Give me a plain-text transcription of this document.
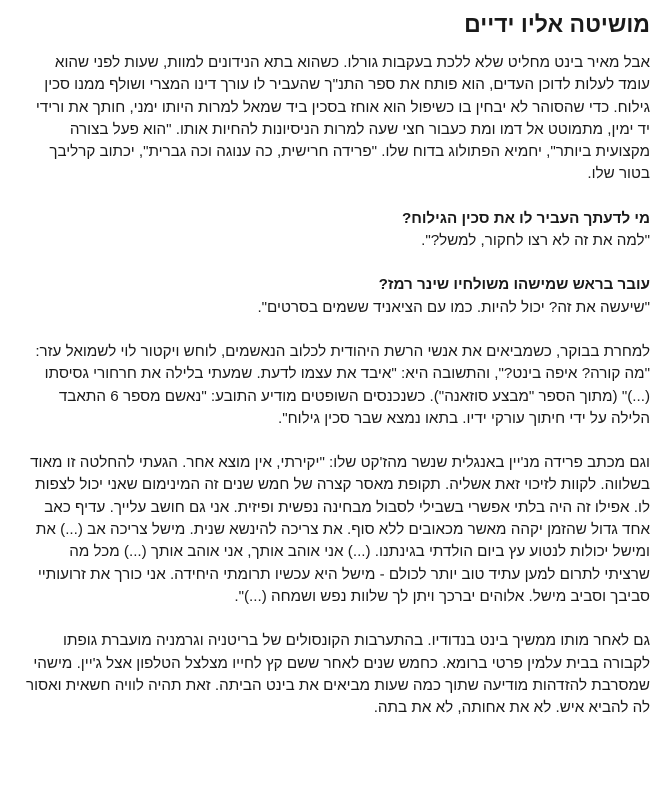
מושיטה אליו ידיים

אבל מאיר בינט מחליט שלא ללכת בעקבות גורלו. כשהוא בתא הנידונים למוות, שעות לפני שהוא עומד לעלות לדוכן העדים, הוא פותח את ספר התנ"ך שהעביר לו עורך דינו המצרי ושולף ממנו סכין גילוח. כדי שהסוהר לא יבחין בו כשיפול הוא אוחז בסכין ביד שמאל למרות היותו ימני, חותך את ורידי יד ימין, מתמוטט אל דמו ומת כעבור חצי שעה למרות הניסיונות להחיות אותו. "הוא פעל בצורה מקצועית ביותר", יחמיא הפתולוג בדוח שלו. "פרידה חרישית, כה ענוגה וכה גברית", יכתוב קרליבך בטור שלו.

מי לדעתך העביר לו את סכין הגילוח?

"למה את זה לא רצו לחקור, למשל?".

עובר בראש שמישהו משולחיו שינר רמז?

"שיעשה את זה? יכול להיות. כמו עם הציאניד ששמים בסרטים".

למחרת בבוקר, כשמביאים את אנשי הרשת היהודית לכלוב הנאשמים, לוחש ויקטור לוי לשמואל עזר: "מה קורה? איפה בינט?", והתשובה היא: "איבד את עצמו לדעת. שמעתי בלילה את חרחורי גסיסתו (...)" (מתוך הספר "מבצע סוזאנה"). כשנכנסים השופטים מודיע התובע: "נאשם מספר 6 התאבד הלילה על ידי חיתוך עורקי ידיו. בתאו נמצא שבר סכין גילוח".

וגם מכתב פרידה מנ'יין באנגלית שנשר מהז'קט שלו: "יקירתי, אין מוצא אחר. הגעתי להחלטה זו מאוד בשלווה. לקוות לזיכוי זאת אשליה. תקופת מאסר קצרה של חמש שנים זה המינימום שאני יכול לצפות לו. אפילו זה היה בלתי אפשרי בשבילי לסבול מבחינה נפשית ופיזית. אני גם חושב עלייך. עדיף כאב אחד גדול שהזמן יקהה מאשר מכאובים ללא סוף. את צריכה להינשא שנית. מישל צריכה אב (...) את ומישל יכולות לנטוע עץ ביום הולדתי בגינתנו. (...) אני אוהב אותך, אני אוהב אותך (...) מכל מה שרציתי לתרום למען עתיד טוב יותר לכולם - מישל היא עכשיו תרומתי היחידה. אני כורך את זרועותיי סביבך וסביב מישל. אלוהים יברכך ויתן לך שלוות נפש ושמחה (...)".

גם לאחר מותו ממשיך בינט בנדודיו. בהתערבות הקונסולים של בריטניה וגרמניה מועברת גופתו לקבורה בבית עלמין פרטי ברומא. כחמש שנים לאחר ששם קץ לחייו מצלצל הטלפון אצל ג'יין. מישהי שמסרבת להזדהות מודיעה שתוך כמה שעות מביאים את בינט הביתה. זאת תהיה לוויה חשאית ואסור לה להביא איש. לא את אחותה, לא את בתה.
